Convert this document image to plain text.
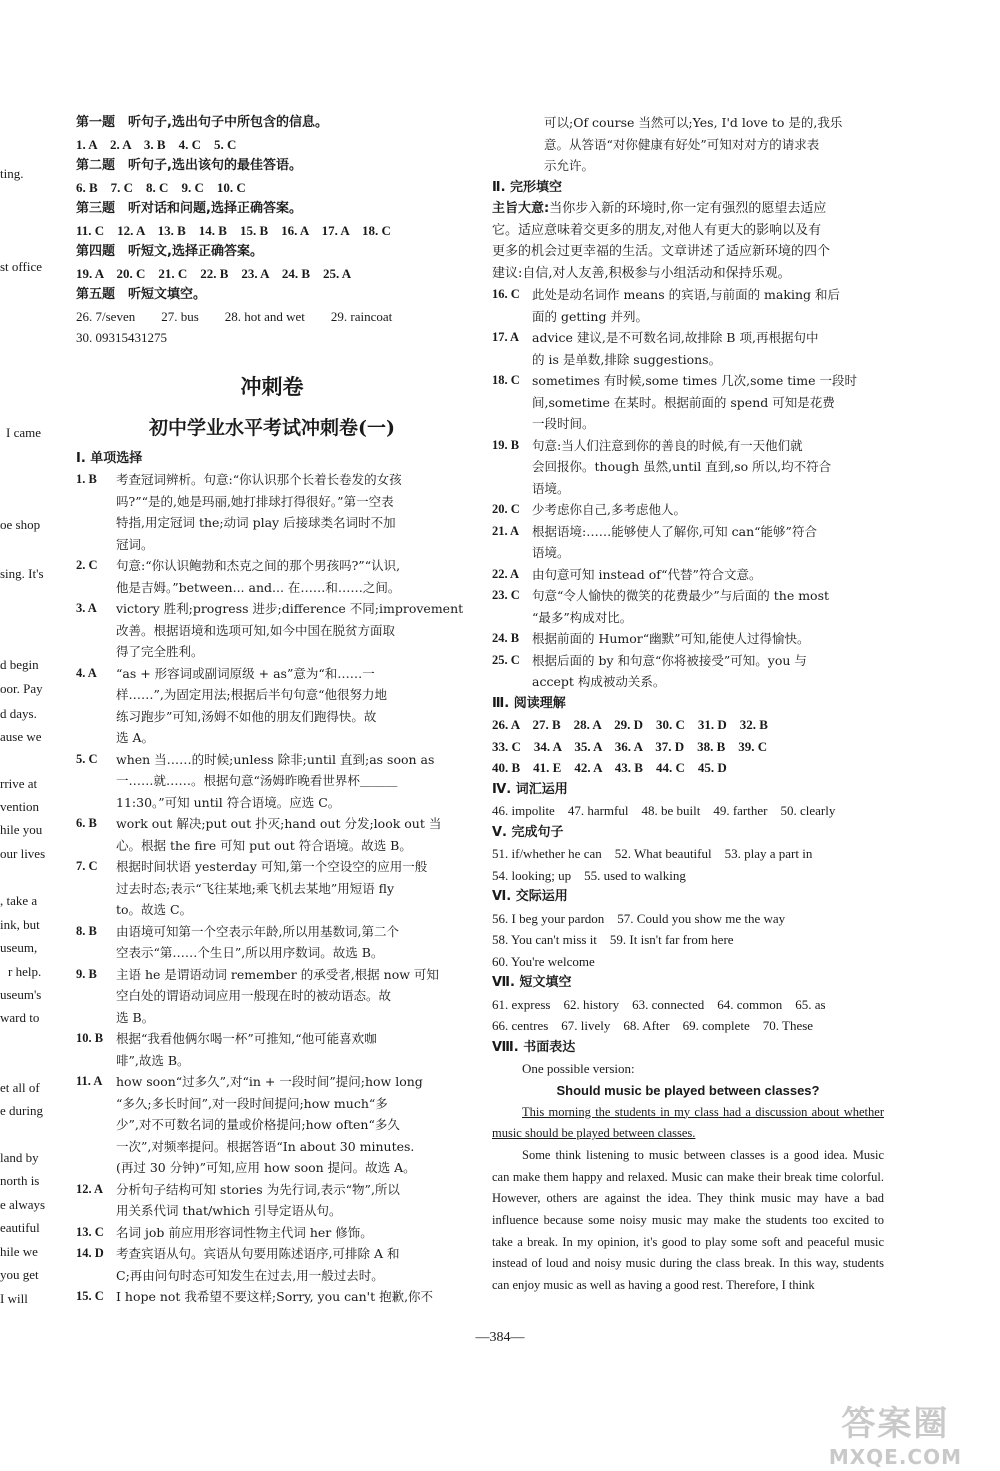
ting.
st office
I came
oe shop
sing. It's
d begin
oor. Pay
d days.
ause we
rrive at
vention
hile you
our lives
, take a
ink, but
useum,
r help.
useum's
ward to
et all of
e during
land by
north is
e always
eautiful
hile we
you get
I will
第一题　听句子,选出句子中所包含的信息。
1. A　2. A　3. B　4. C　5. C
第二题　听句子,选出该句的最佳答语。
6. B　7. C　8. C　9. C　10. C
第三题　听对话和问题,选择正确答案。
11. C　12. A　13. B　14. B　15. B　16. A　17. A　18. C
第四题　听短文,选择正确答案。
19. A　20. C　21. C　22. B　23. A　24. B　25. A
第五题　听短文填空。
26. 7/seven　　27. bus　　28. hot and wet　　29. raincoat
30. 09315431275
冲刺卷
初中学业水平考试冲刺卷(一)
Ⅰ. 单项选择
1. B	考查冠词辨析。句意:“你认识那个长着长卷发的女孩
吗?”“是的,她是玛丽,她打排球打得很好。”第一空表
特指,用定冠词 the;动词 play 后接球类名词时不加
冠词。
2. C	句意:“你认识鲍勃和杰克之间的那个男孩吗?”“认识,
他是吉姆。”between... and... 在……和……之间。
3. A	victory 胜利;progress 进步;difference 不同;improvement
改善。根据语境和选项可知,如今中国在脱贫方面取
得了完全胜利。
4. A	“as + 形容词或副词原级 + as”意为“和……一
样……”,为固定用法;根据后半句句意“他很努力地
练习跑步”可知,汤姆不如他的朋友们跑得快。故
选 A。
5. C	when 当……的时候;unless 除非;until 直到;as soon as
一……就……。根据句意“汤姆昨晚看世界杯＿＿＿
11:30。”可知 until 符合语境。应选 C。
6. B	work out 解决;put out 扑灭;hand out 分发;look out 当
心。根据 the fire 可知 put out 符合语境。故选 B。
7. C	根据时间状语 yesterday 可知,第一个空设空的应用一般
过去时态;表示“飞往某地;乘飞机去某地”用短语 fly
to。故选 C。
8. B	由语境可知第一个空表示年龄,所以用基数词,第二个
空表示“第……个生日”,所以用序数词。故选 B。
9. B	主语 he 是谓语动词 remember 的承受者,根据 now 可知
空白处的谓语动词应用一般现在时的被动语态。故
选 B。
10. B	根据“我看他俩尔喝一杯”可推知,“他可能喜欢咖
啡”,故选 B。
11. A	how soon“过多久”,对“in + 一段时间”提问;how long
“多久;多长时间”,对一段时间提问;how much“多
少”,对不可数名词的量或价格提问;how often“多久
一次”,对频率提问。根据答语“In about 30 minutes.
(再过 30 分钟)”可知,应用 how soon 提问。故选 A。
12. A	分析句子结构可知 stories 为先行词,表示“物”,所以
用关系代词 that/which 引导定语从句。
13. C 名词 job 前应用形容词性物主代词 her 修饰。
14. D 考查宾语从句。宾语从句要用陈述语序,可排除 A 和
C;再由问句时态可知发生在过去,用一般过去时。
15. C I hope not 我希望不要这样;Sorry, you can't 抱歉,你不
可以;Of course 当然可以;Yes, I'd love to 是的,我乐
意。从答语“对你健康有好处”可知对对方的请求表
示允许。
Ⅱ. 完形填空
主旨大意:当你步入新的环境时,你一定有强烈的愿望去适应
它。适应意味着交更多的朋友,对他人有更大的影响以及有
更多的机会过更幸福的生活。文章讲述了适应新环境的四个
建议:自信,对人友善,积极参与小组活动和保持乐观。
16. C 此处是动名词作 means 的宾语,与前面的 making 和后
面的 getting 并列。
17. A	advice 建议,是不可数名词,故排除 B 项,再根据句中
的 is 是单数,排除 suggestions。
18. C sometimes 有时候,some times 几次,some time 一段时
间,sometime 在某时。根据前面的 spend 可知是花费
一段时间。
19. B	句意:当人们注意到你的善良的时候,有一天他们就
会回报你。though 虽然,until 直到,so 所以,均不符合
语境。
20. C 少考虑你自己,多考虑他人。
21. A	根据语境:……能够使人了解你,可知 can“能够”符合
语境。
22. A	由句意可知 instead of“代替”符合文意。
23. C 句意“令人愉快的微笑的花费最少”与后面的 the most
“最多”构成对比。
24. B	根据前面的 Humor“幽默”可知,能使人过得愉快。
25. C 根据后面的 by 和句意“你将被接受”可知。you 与
accept 构成被动关系。
Ⅲ. 阅读理解
26. A　27. B　28. A　29. D　30. C　31. D　32. B
33. C　34. A　35. A　36. A　37. D　38. B　39. C
40. B　41. E　42. A　43. B　44. C　45. D
Ⅳ. 词汇运用
46. impolite　47. harmful　48. be built　49. farther　50. clearly
Ⅴ. 完成句子
51. if/whether he can　52. What beautiful　53. play a part in
54. looking; up　55. used to walking
Ⅵ. 交际运用
56. I beg your pardon　57. Could you show me the way
58. You can't miss it　59. It isn't far from here
60. You're welcome
Ⅶ. 短文填空
61. express　62. history　63. connected　64. common　65. as
66. centres　67. lively　68. After　69. complete　70. These
Ⅷ. 书面表达
One possible version:
Should music be played between classes?

This morning the students in my class had a discussion about whether music should be played between classes.

Some think listening to music between classes is a good idea. Music can make them happy and relaxed. Music can make their break time colorful. However, others are against the idea. They think music may have a bad influence because some noisy music may make the students too excited to take a break. In my opinion, it's good to play some soft and peaceful music instead of loud and noisy music during the class break. In this way, students can enjoy music as well as having a good rest. Therefore, I think

—384—
答案圈
MXQE.COM
